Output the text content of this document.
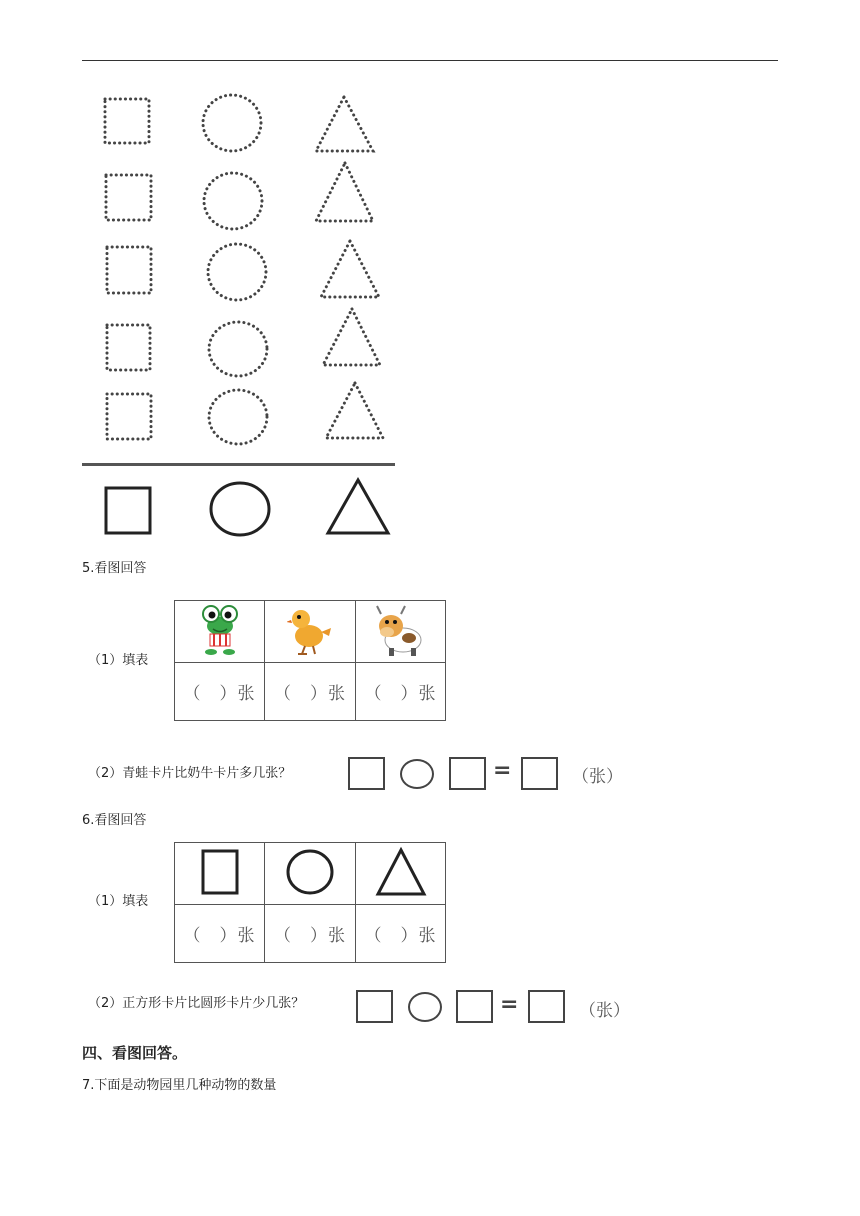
5.看图回答
（1）填表

（　）张	（　）张	（　）张
（2）青蛙卡片比奶牛卡片多几张？	=	（张）
6.看图回答
（1）填表

（　）张	（　）张	（　）张
（2）正方形卡片比圆形卡片少几张？	=	（张）
四、看图回答。
7.下面是动物园里几种动物的数量
